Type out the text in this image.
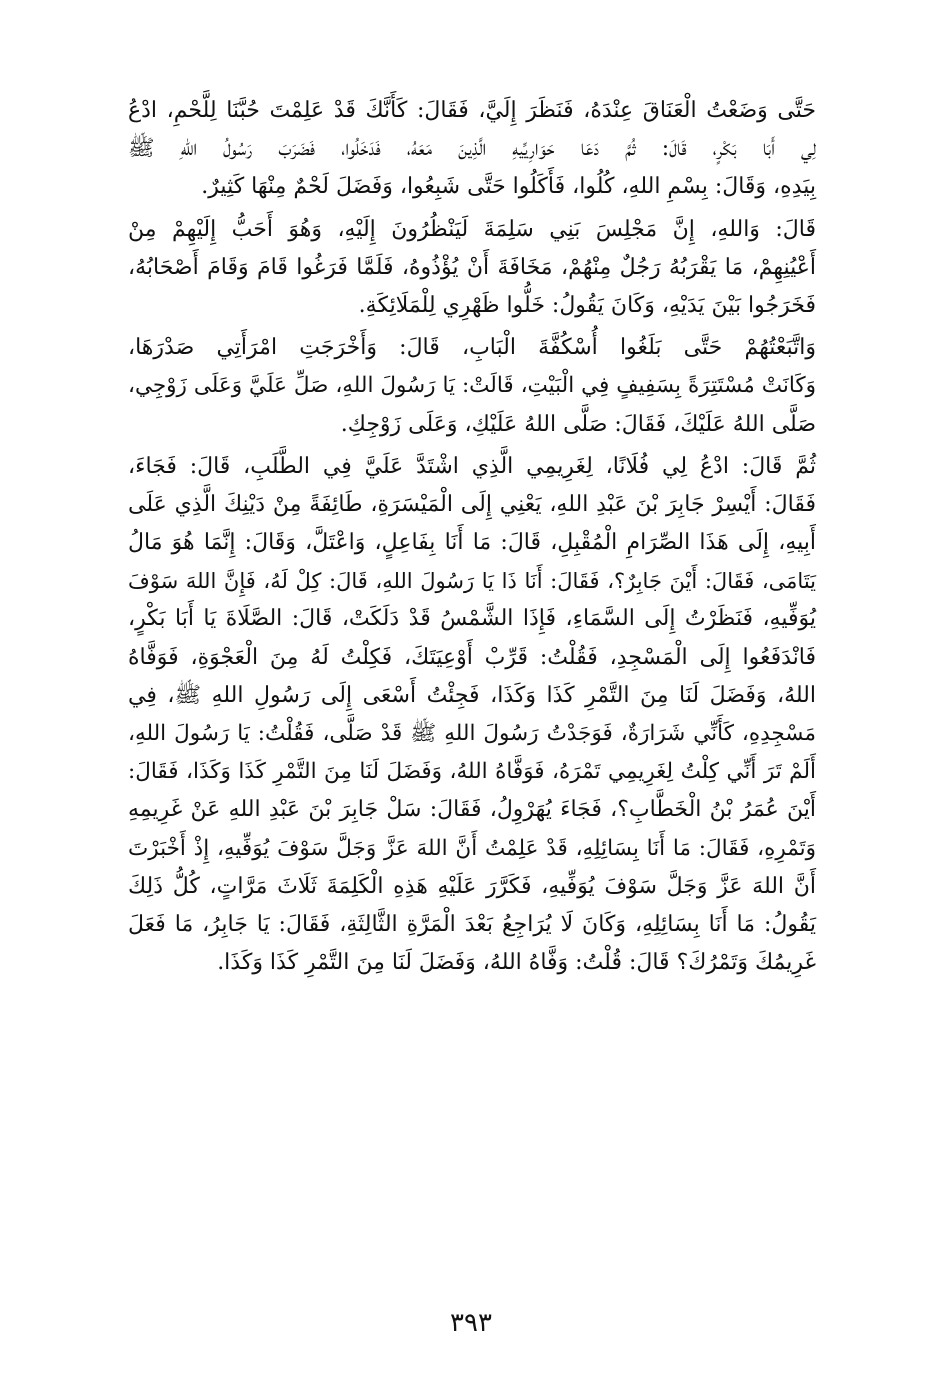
حَتَّى وَضَعْتُ الْعَنَاقَ عِنْدَهُ، فَنَظَرَ إِلَيَّ، فَقَالَ: كَأَنَّكَ قَدْ عَلِمْتَ حُبَّنَا لِلَّحْمِ، ادْعُ
لِي أَبَا بَكْرٍ، قَالَ: ثُمَّ دَعَا حَوَارِيِّيهِ الَّذِينَ مَعَهُ، فَدَخَلُوا، فَضَرَبَ رَسُولُ اللهِ ﷺ
بِيَدِهِ، وَقَالَ: بِسْمِ اللهِ، كُلُوا، فَأَكَلُوا حَتَّى شَبِعُوا، وَفَضَلَ لَحْمٌ مِنْهَا كَثِيرٌ.
قَالَ: وَاللهِ، إِنَّ مَجْلِسَ بَنِي سَلِمَةَ لَيَنْظُرُونَ إِلَيْهِ، وَهُوَ أَحَبُّ إِلَيْهِمْ مِنْ
أَعْيُنِهِمْ، مَا يَقْرَبُهُ رَجُلٌ مِنْهُمْ، مَخَافَةَ أَنْ يُؤْذُوهُ، فَلَمَّا فَرَغُوا قَامَ وَقَامَ أَصْحَابُهُ،
فَخَرَجُوا بَيْنَ يَدَيْهِ، وَكَانَ يَقُولُ: خَلُّوا ظَهْرِي لِلْمَلَائِكَةِ.
وَاتَّبَعْتُهُمْ حَتَّى بَلَغُوا أُسْكُفَّةَ الْبَابِ، قَالَ: وَأَخْرَجَتِ امْرَأَتِي صَدْرَهَا،
وَكَانَتْ مُسْتَتِرَةً بِسَفِيفٍ فِي الْبَيْتِ، قَالَتْ: يَا رَسُولَ اللهِ، صَلِّ عَلَيَّ وَعَلَى زَوْجِي،
صَلَّى اللهُ عَلَيْكَ، فَقَالَ: صَلَّى اللهُ عَلَيْكِ، وَعَلَى زَوْجِكِ.
ثُمَّ قَالَ: ادْعُ لِي فُلَانًا، لِغَرِيمِي الَّذِي اشْتَدَّ عَلَيَّ فِي الطَّلَبِ، قَالَ: فَجَاءَ،
فَقَالَ: أَيْسِرْ جَابِرَ بْنَ عَبْدِ اللهِ، يَعْنِي إِلَى الْمَيْسَرَةِ، طَائِفَةً مِنْ دَيْنِكَ الَّذِي عَلَى
أَبِيهِ، إِلَى هَذَا الصِّرَامِ الْمُقْبِلِ، قَالَ: مَا أَنَا بِفَاعِلٍ، وَاعْتَلَّ، وَقَالَ: إِنَّمَا هُوَ مَالُ
يَتَامَى، فَقَالَ: أَيْنَ جَابِرٌ؟، فَقَالَ: أَنَا ذَا يَا رَسُولَ اللهِ، قَالَ: كِلْ لَهُ، فَإِنَّ اللهَ سَوْفَ
يُوَفِّيهِ، فَنَظَرْتُ إِلَى السَّمَاءِ، فَإِذَا الشَّمْسُ قَدْ دَلَكَتْ، قَالَ: الصَّلَاةَ يَا أَبَا بَكْرٍ،
فَانْدَفَعُوا إِلَى الْمَسْجِدِ، فَقُلْتُ: قَرِّبْ أَوْعِيَتَكَ، فَكِلْتُ لَهُ مِنَ الْعَجْوَةِ، فَوَفَّاهُ
اللهُ، وَفَضَلَ لَنَا مِنَ التَّمْرِ كَذَا وَكَذَا، فَجِئْتُ أَسْعَى إِلَى رَسُولِ اللهِ ﷺ، فِي
مَسْجِدِهِ، كَأَنِّي شَرَارَةٌ، فَوَجَدْتُ رَسُولَ اللهِ ﷺ قَدْ صَلَّى، فَقُلْتُ: يَا رَسُولَ اللهِ،
أَلَمْ تَرَ أَنِّي كِلْتُ لِغَرِيمِي تَمْرَهُ، فَوَفَّاهُ اللهُ، وَفَضَلَ لَنَا مِنَ التَّمْرِ كَذَا وَكَذَا، فَقَالَ:
أَيْنَ عُمَرُ بْنُ الْخَطَّابِ؟، فَجَاءَ يُهَرْوِلُ، فَقَالَ: سَلْ جَابِرَ بْنَ عَبْدِ اللهِ عَنْ غَرِيمِهِ
وَتَمْرِهِ، فَقَالَ: مَا أَنَا بِسَائِلِهِ، قَدْ عَلِمْتُ أَنَّ اللهَ عَزَّ وَجَلَّ سَوْفَ يُوَفِّيهِ، إِذْ أَخْبَرْتَ
أَنَّ اللهَ عَزَّ وَجَلَّ سَوْفَ يُوَفِّيهِ، فَكَرَّرَ عَلَيْهِ هَذِهِ الْكَلِمَةَ ثَلَاثَ مَرَّاتٍ، كُلُّ ذَلِكَ
يَقُولُ: مَا أَنَا بِسَائِلِهِ، وَكَانَ لَا يُرَاجِعُ بَعْدَ الْمَرَّةِ الثَّالِثَةِ، فَقَالَ: يَا جَابِرُ، مَا فَعَلَ
غَرِيمُكَ وَتَمْرُكَ؟ قَالَ: قُلْتُ: وَفَّاهُ اللهُ، وَفَضَلَ لَنَا مِنَ التَّمْرِ كَذَا وَكَذَا.
٣٩٣
